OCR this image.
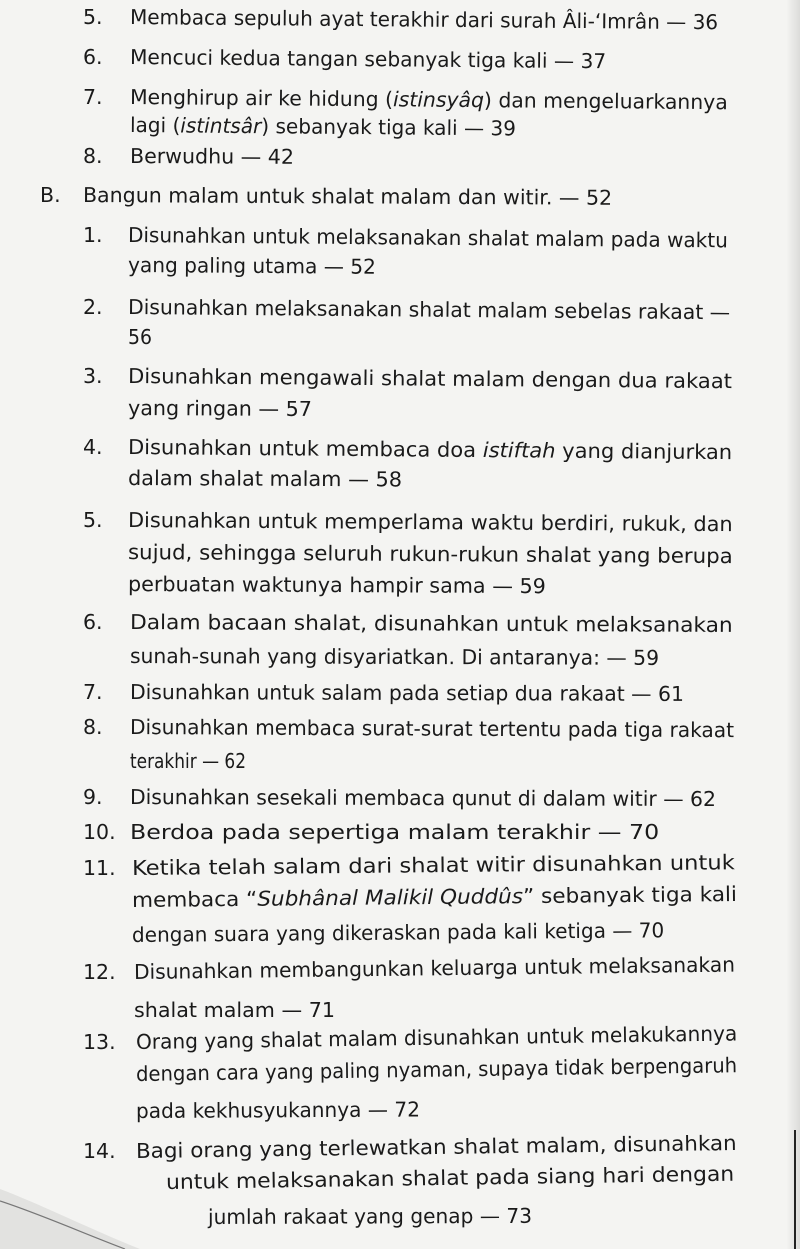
5. Membaca sepuluh ayat terakhir dari surah Âli-‘Imrân — 36
6. Mencuci kedua tangan sebanyak tiga kali — 37
7. Menghirup air ke hidung (istinsyâq) dan mengeluarkannya
lagi (istintsâr) sebanyak tiga kali — 39
8. Berwudhu — 42
B. Bangun malam untuk shalat malam dan witir. — 52
1. Disunahkan untuk melaksanakan shalat malam pada waktu
yang paling utama — 52
2. Disunahkan melaksanakan shalat malam sebelas rakaat —
56
3. Disunahkan mengawali shalat malam dengan dua rakaat
yang ringan — 57
4. Disunahkan untuk membaca doa istiftah yang dianjurkan
dalam shalat malam — 58
5. Disunahkan untuk memperlama waktu berdiri, rukuk, dan
sujud, sehingga seluruh rukun-rukun shalat yang berupa
perbuatan waktunya hampir sama — 59
6. Dalam bacaan shalat, disunahkan untuk melaksanakan
sunah-sunah yang disyariatkan. Di antaranya: — 59
7. Disunahkan untuk salam pada setiap dua rakaat — 61
8. Disunahkan membaca surat-surat tertentu pada tiga rakaat
terakhir — 62
9. Disunahkan sesekali membaca qunut di dalam witir — 62
10. Berdoa pada sepertiga malam terakhir — 70
11. Ketika telah salam dari shalat witir disunahkan untuk
membaca “Subhânal Malikil Quddûs” sebanyak tiga kali
dengan suara yang dikeraskan pada kali ketiga — 70
12. Disunahkan membangunkan keluarga untuk melaksanakan
shalat malam — 71
13. Orang yang shalat malam disunahkan untuk melakukannya
dengan cara yang paling nyaman, supaya tidak berpengaruh
pada kekhusyukannya — 72
14. Bagi orang yang terlewatkan shalat malam, disunahkan
untuk melaksanakan shalat pada siang hari dengan
jumlah rakaat yang genap — 73
